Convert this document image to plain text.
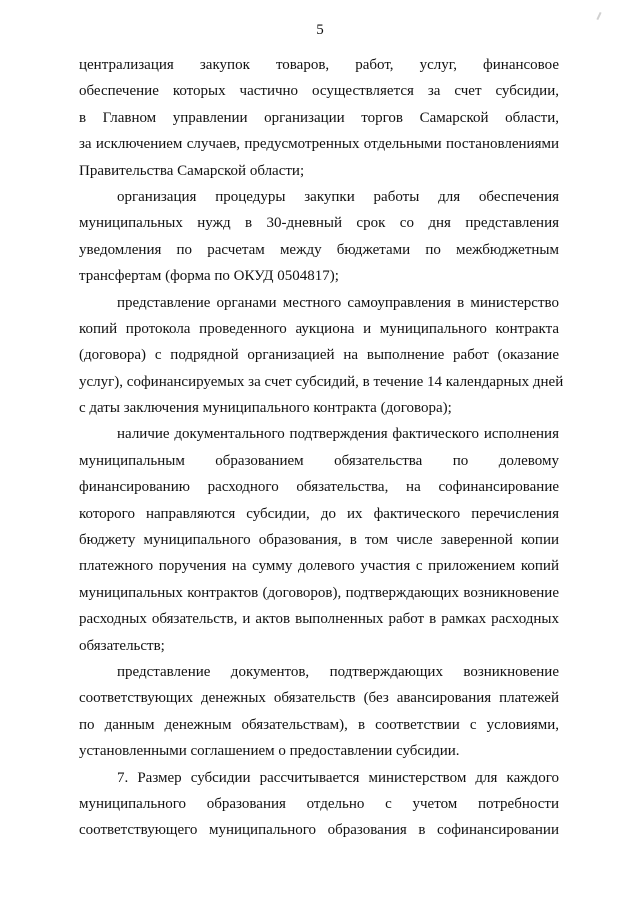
5
централизация закупок товаров, работ, услуг, финансовое
обеспечение которых частично осуществляется за счет субсидии,
в Главном управлении организации торгов Самарской области,
за исключением случаев, предусмотренных отдельными постановлениями
Правительства Самарской области;
организация процедуры закупки работы для обеспечения
муниципальных нужд в 30-дневный срок со дня представления
уведомления по расчетам между бюджетами по межбюджетным
трансфертам (форма по ОКУД 0504817);
представление органами местного самоуправления в министерство
копий протокола проведенного аукциона и муниципального контракта
(договора) с подрядной организацией на выполнение работ (оказание
услуг), софинансируемых за счет субсидий, в течение 14 календарных дней
с даты заключения муниципального контракта (договора);
наличие документального подтверждения фактического исполнения
муниципальным образованием обязательства по долевому
финансированию расходного обязательства, на софинансирование
которого направляются субсидии, до их фактического перечисления
бюджету муниципального образования, в том числе заверенной копии
платежного поручения на сумму долевого участия с приложением копий
муниципальных контрактов (договоров), подтверждающих возникновение
расходных обязательств, и актов выполненных работ в рамках расходных
обязательств;
представление документов, подтверждающих возникновение
соответствующих денежных обязательств (без авансирования платежей
по данным денежным обязательствам), в соответствии с условиями,
установленными соглашением о предоставлении субсидии.
7. Размер субсидии рассчитывается министерством для каждого
муниципального образования отдельно с учетом потребности
соответствующего муниципального образования в софинансировании
